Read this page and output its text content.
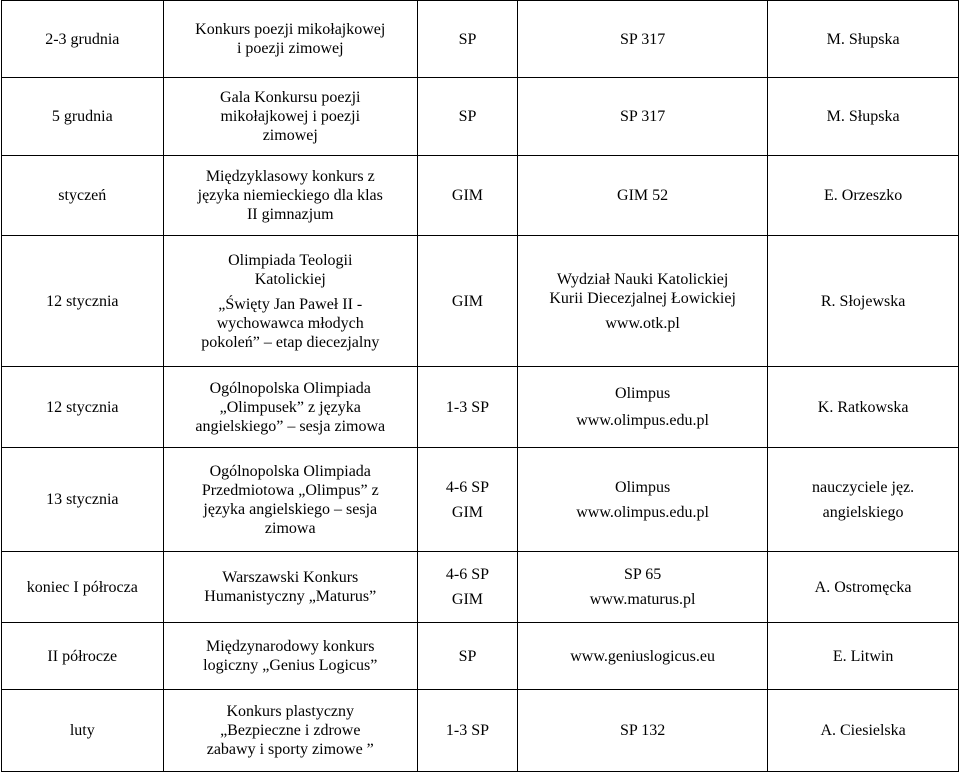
2-3 grudnia	Konkurs poezji mikołajkowej
i poezji zimowej	SP	SP 317	M. Słupska

5 grudnia	Gala Konkursu poezji
mikołajkowej i poezji
zimowej	SP	SP 317	M. Słupska

styczeń	Międzyklasowy konkurs z
języka niemieckiego dla klas
II gimnazjum	GIM	GIM 52	E. Orzeszko

12 stycznia	Olimpiada Teologii
Katolickiej
„Święty Jan Paweł II -
wychowawca młodych
pokoleń” – etap diecezjalny	GIM	Wydział Nauki Katolickiej
Kurii Diecezjalnej Łowickiej
www.otk.pl	R. Słojewska

12 stycznia	Ogólnopolska Olimpiada
„Olimpusek” z języka
angielskiego” – sesja zimowa	1-3 SP	Olimpus
www.olimpus.edu.pl	K. Ratkowska

13 stycznia	Ogólnopolska Olimpiada
Przedmiotowa „Olimpus” z
języka angielskiego – sesja
zimowa	4-6 SP
GIM	Olimpus
www.olimpus.edu.pl	nauczyciele jęz.
angielskiego

koniec I półrocza	Warszawski Konkurs
Humanistyczny „Maturus”	4-6 SP
GIM	SP 65
www.maturus.pl	A. Ostromęcka

II półrocze	Międzynarodowy konkurs
logiczny „Genius Logicus”	SP	www.geniuslogicus.eu	E. Litwin

luty	Konkurs plastyczny
„Bezpieczne i zdrowe
zabawy i sporty zimowe ”	1-3 SP	SP 132	A. Ciesielska
